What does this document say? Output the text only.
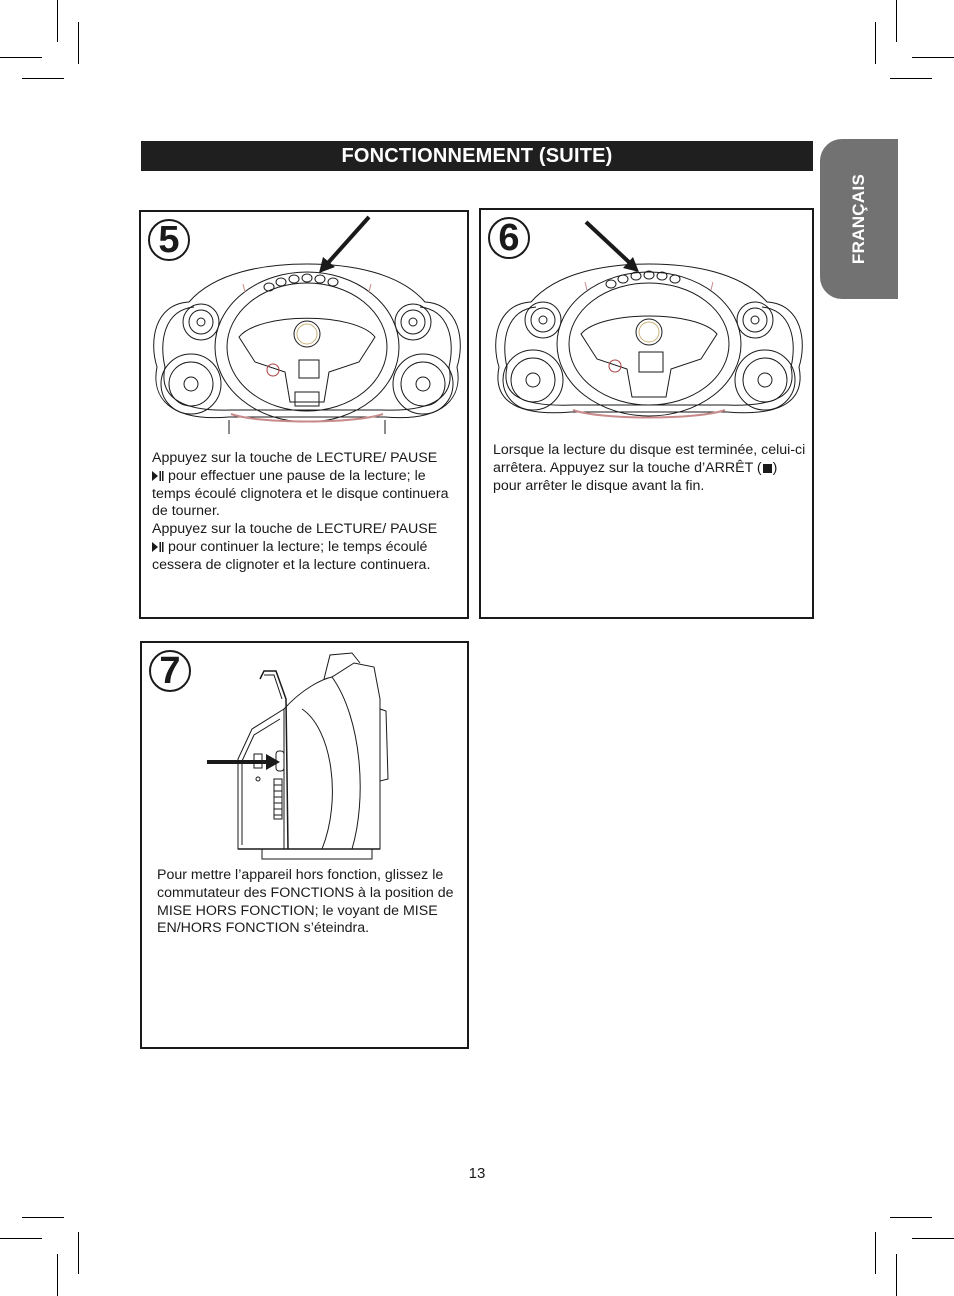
FONCTIONNEMENT (SUITE)
FRANÇAIS
5

Appuyez sur la touche de LECTURE/ PAUSE  pour effectuer une pause de la lecture; le temps écoulé clignotera et le disque continuera de tourner.

Appuyez sur la touche de LECTURE/ PAUSE  pour continuer la lecture; le temps écoulé cessera de clignoter et la lecture continuera.

6

Lorsque la lecture du disque est terminée, celui-ci arrêtera. Appuyez sur la touche d’ARRÊT ( ) pour arrêter le disque avant la fin.

7

Pour mettre l’appareil hors fonction, glissez le commutateur des FONCTIONS à la position de MISE HORS FONCTION; le voyant de MISE EN/HORS FONCTION s’éteindra.

13
